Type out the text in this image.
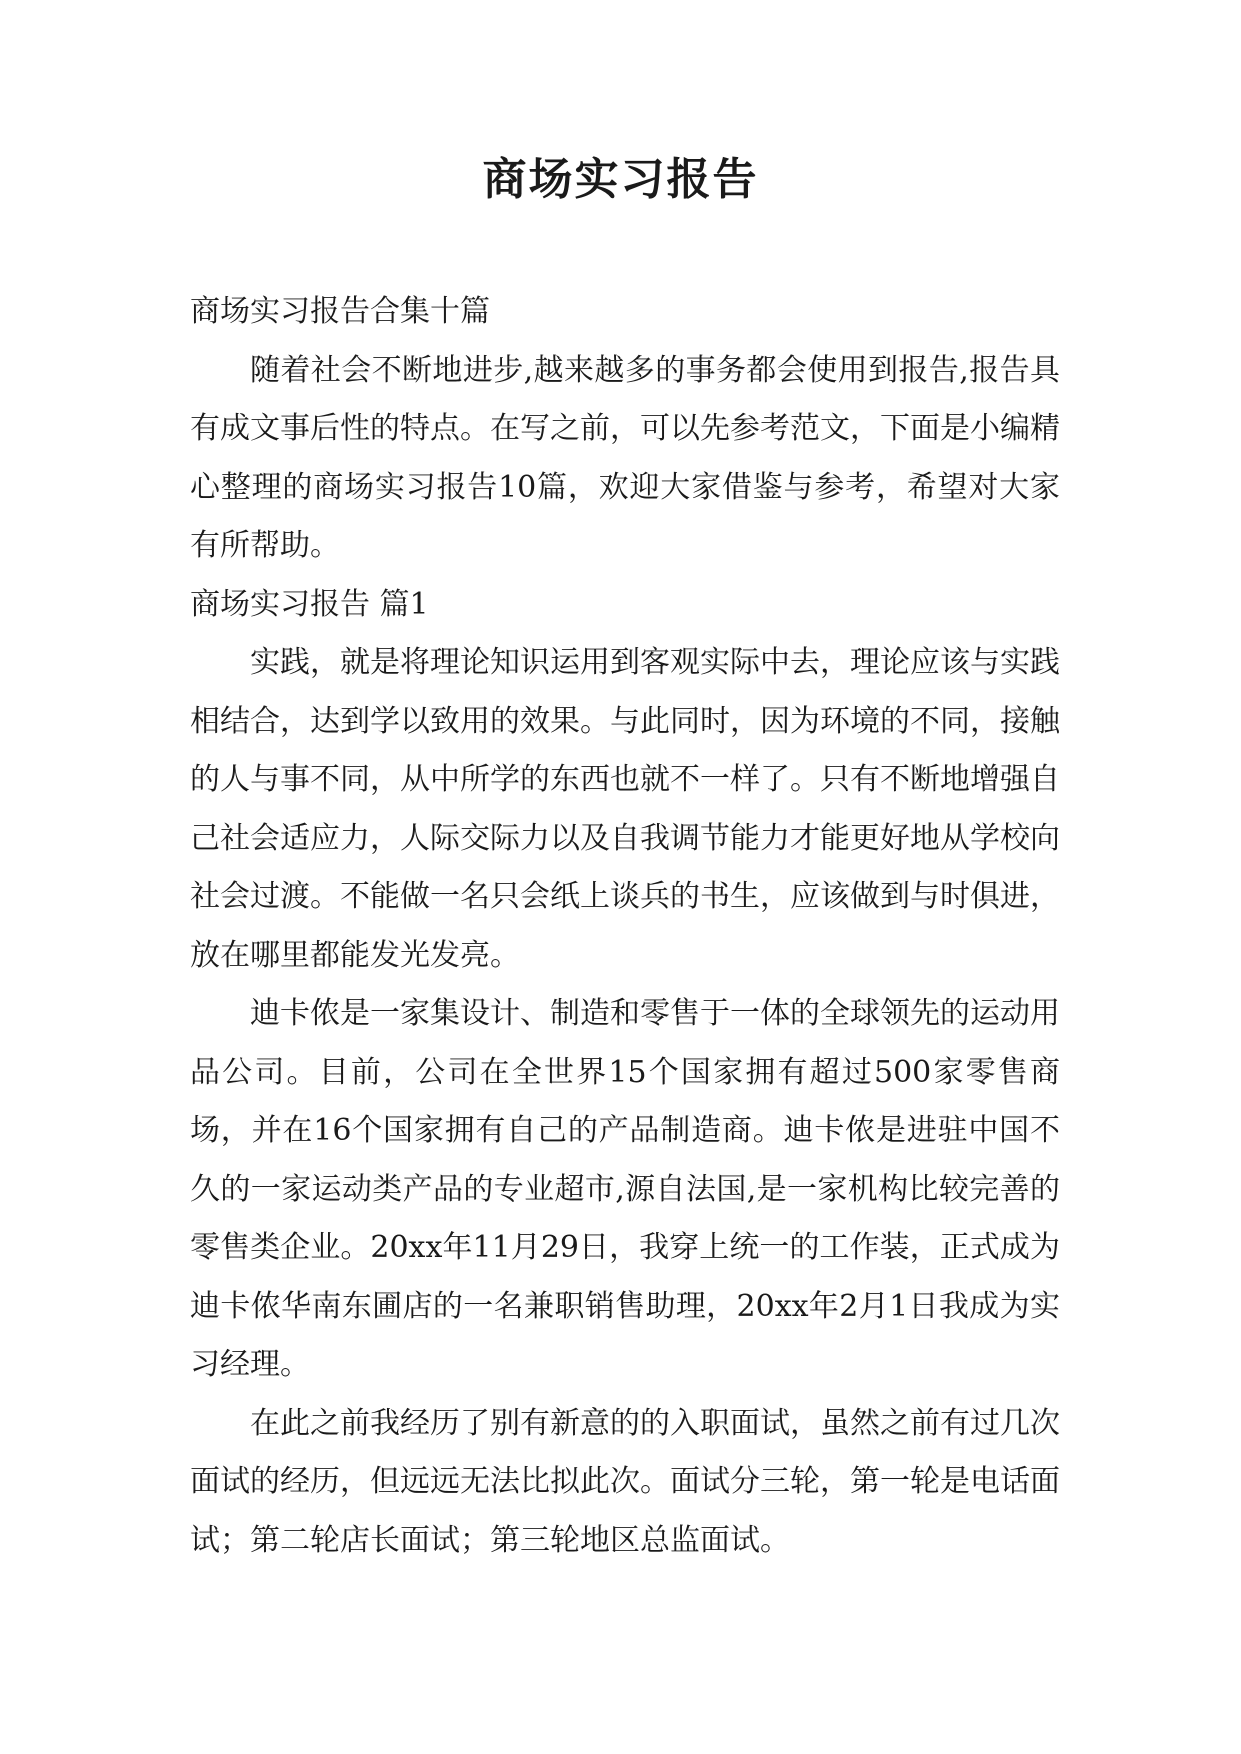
商场实习报告

商场实习报告合集十篇

随着社会不断地进步,越来越多的事务都会使用到报告,报告具有成文事后性的特点。在写之前，可以先参考范文，下面是小编精心整理的商场实习报告10篇，欢迎大家借鉴与参考，希望对大家有所帮助。

商场实习报告 篇1

实践，就是将理论知识运用到客观实际中去，理论应该与实践相结合，达到学以致用的效果。与此同时，因为环境的不同，接触的人与事不同，从中所学的东西也就不一样了。只有不断地增强自己社会适应力，人际交际力以及自我调节能力才能更好地从学校向社会过渡。不能做一名只会纸上谈兵的书生，应该做到与时俱进，放在哪里都能发光发亮。

迪卡侬是一家集设计、制造和零售于一体的全球领先的运动用品公司。目前，公司在全世界15个国家拥有超过500家零售商场，并在16个国家拥有自己的产品制造商。迪卡侬是进驻中国不久的一家运动类产品的专业超市,源自法国,是一家机构比较完善的零售类企业。20xx年11月29日，我穿上统一的工作装，正式成为迪卡侬华南东圃店的一名兼职销售助理，20xx年2月1日我成为实习经理。

在此之前我经历了别有新意的的入职面试，虽然之前有过几次面试的经历，但远远无法比拟此次。面试分三轮，第一轮是电话面试；第二轮店长面试；第三轮地区总监面试。
